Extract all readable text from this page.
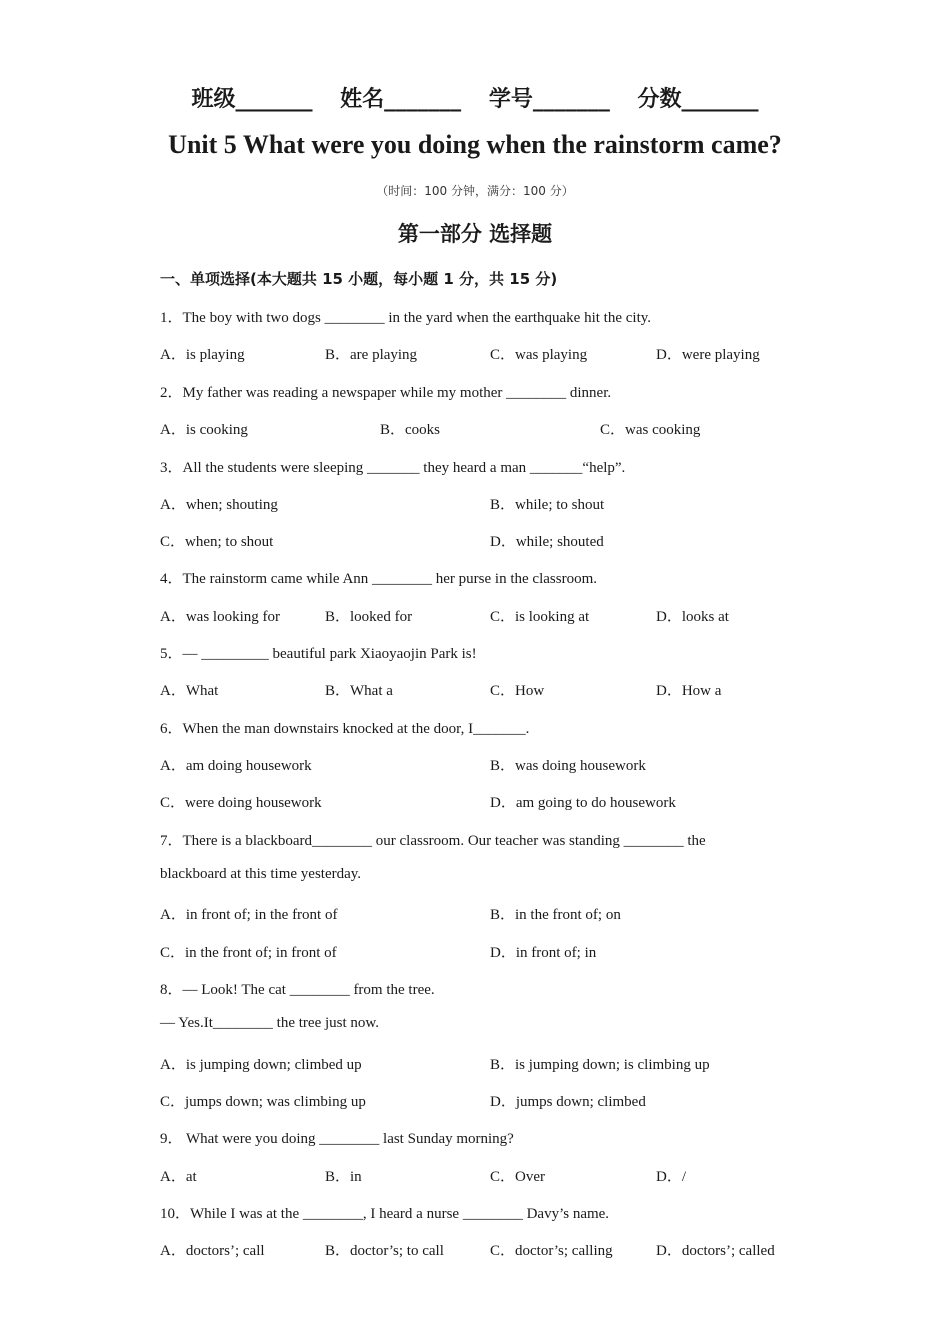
班级_______ 姓名_______ 学号_______ 分数_______
Unit 5 What were you doing when the rainstorm came?
（时间：100 分钟，满分：100 分）
第一部分 选择题
一、单项选择(本大题共 15 小题，每小题 1 分，共 15 分)
1．The boy with two dogs ________ in the yard when the earthquake hit the city.
A．is playing	B．are playing	C．was playing	D．were playing
2．My father was reading a newspaper while my mother ________ dinner.
A．is cooking	B．cooks	C．was cooking
3．All the students were sleeping _______ they heard a man _______“help”.
A．when; shouting	B．while; to shout
C．when; to shout	D．while; shouted
4．The rainstorm came while Ann ________ her purse in the classroom.
A．was looking for	B．looked for	C．is looking at	D．looks at
5．— _________ beautiful park Xiaoyaojin Park is!
A．What	B．What a	C．How	D．How a
6．When the man downstairs knocked at the door, I_______.
A．am doing housework	B．was doing housework
C．were doing housework	D．am going to do housework
7．There is a blackboard________ our classroom. Our teacher was standing ________ the
blackboard at this time yesterday.
A．in front of; in the front of	B．in the front of; on
C．in the front of; in front of	D．in front of; in
8．— Look! The cat ________ from the tree.
— Yes.It________ the tree just now.
A．is jumping down; climbed up	B．is jumping down; is climbing up
C．jumps down; was climbing up	D．jumps down; climbed
9． What were you doing ________ last Sunday morning?
A．at	B．in	C．Over	D．/
10．While I was at the ________, I heard a nurse ________ Davy’s name.
A．doctors’; call	B．doctor’s; to call	C．doctor’s; calling	D．doctors’; called
